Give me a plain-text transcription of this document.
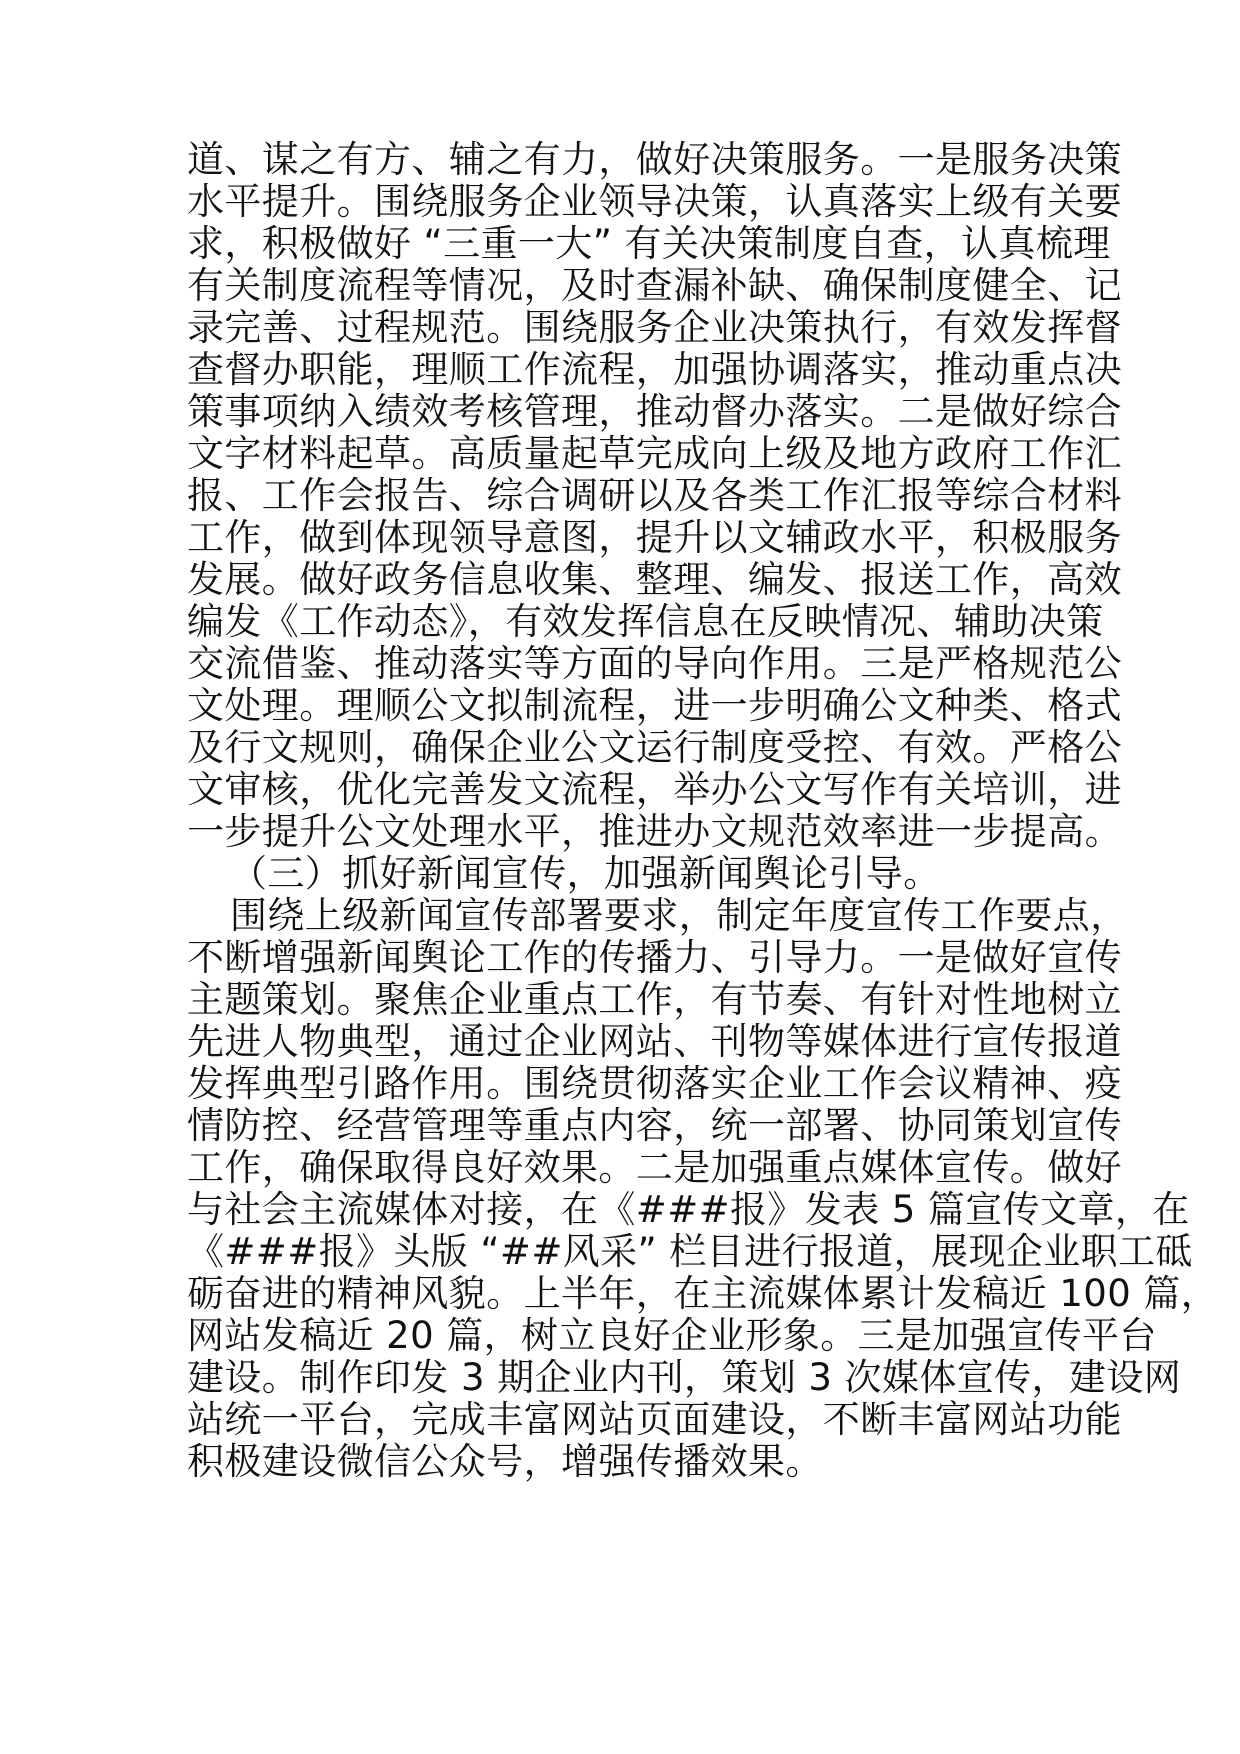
道、谋之有方、辅之有力，做好决策服务。一是服务决策
水平提升。围绕服务企业领导决策，认真落实上级有关要
求，积极做好 “三重一大” 有关决策制度自查，认真梳理
有关制度流程等情况，及时查漏补缺、确保制度健全、记
录完善、过程规范。围绕服务企业决策执行，有效发挥督
查督办职能，理顺工作流程，加强协调落实，推动重点决
策事项纳入绩效考核管理，推动督办落实。二是做好综合
文字材料起草。高质量起草完成向上级及地方政府工作汇
报、工作会报告、综合调研以及各类工作汇报等综合材料
工作，做到体现领导意图，提升以文辅政水平，积极服务
发展。做好政务信息收集、整理、编发、报送工作，高效
编发《工作动态》，有效发挥信息在反映情况、辅助决策
交流借鉴、推动落实等方面的导向作用。三是严格规范公
文处理。理顺公文拟制流程，进一步明确公文种类、格式
及行文规则，确保企业公文运行制度受控、有效。严格公
文审核，优化完善发文流程，举办公文写作有关培训，进
一步提升公文处理水平，推进办文规范效率进一步提高。
（三）抓好新闻宣传，加强新闻舆论引导。
围绕上级新闻宣传部署要求，制定年度宣传工作要点，
不断增强新闻舆论工作的传播力、引导力。一是做好宣传
主题策划。聚焦企业重点工作，有节奏、有针对性地树立
先进人物典型，通过企业网站、刊物等媒体进行宣传报道
发挥典型引路作用。围绕贯彻落实企业工作会议精神、疫
情防控、经营管理等重点内容，统一部署、协同策划宣传
工作，确保取得良好效果。二是加强重点媒体宣传。做好
与社会主流媒体对接，在《###报》发表 5 篇宣传文章，在
《###报》头版 “##风采” 栏目进行报道，展现企业职工砥
砺奋进的精神风貌。上半年，在主流媒体累计发稿近 100 篇，
网站发稿近 20 篇，树立良好企业形象。三是加强宣传平台
建设。制作印发 3 期企业内刊，策划 3 次媒体宣传，建设网
站统一平台，完成丰富网站页面建设，不断丰富网站功能
积极建设微信公众号，增强传播效果。
